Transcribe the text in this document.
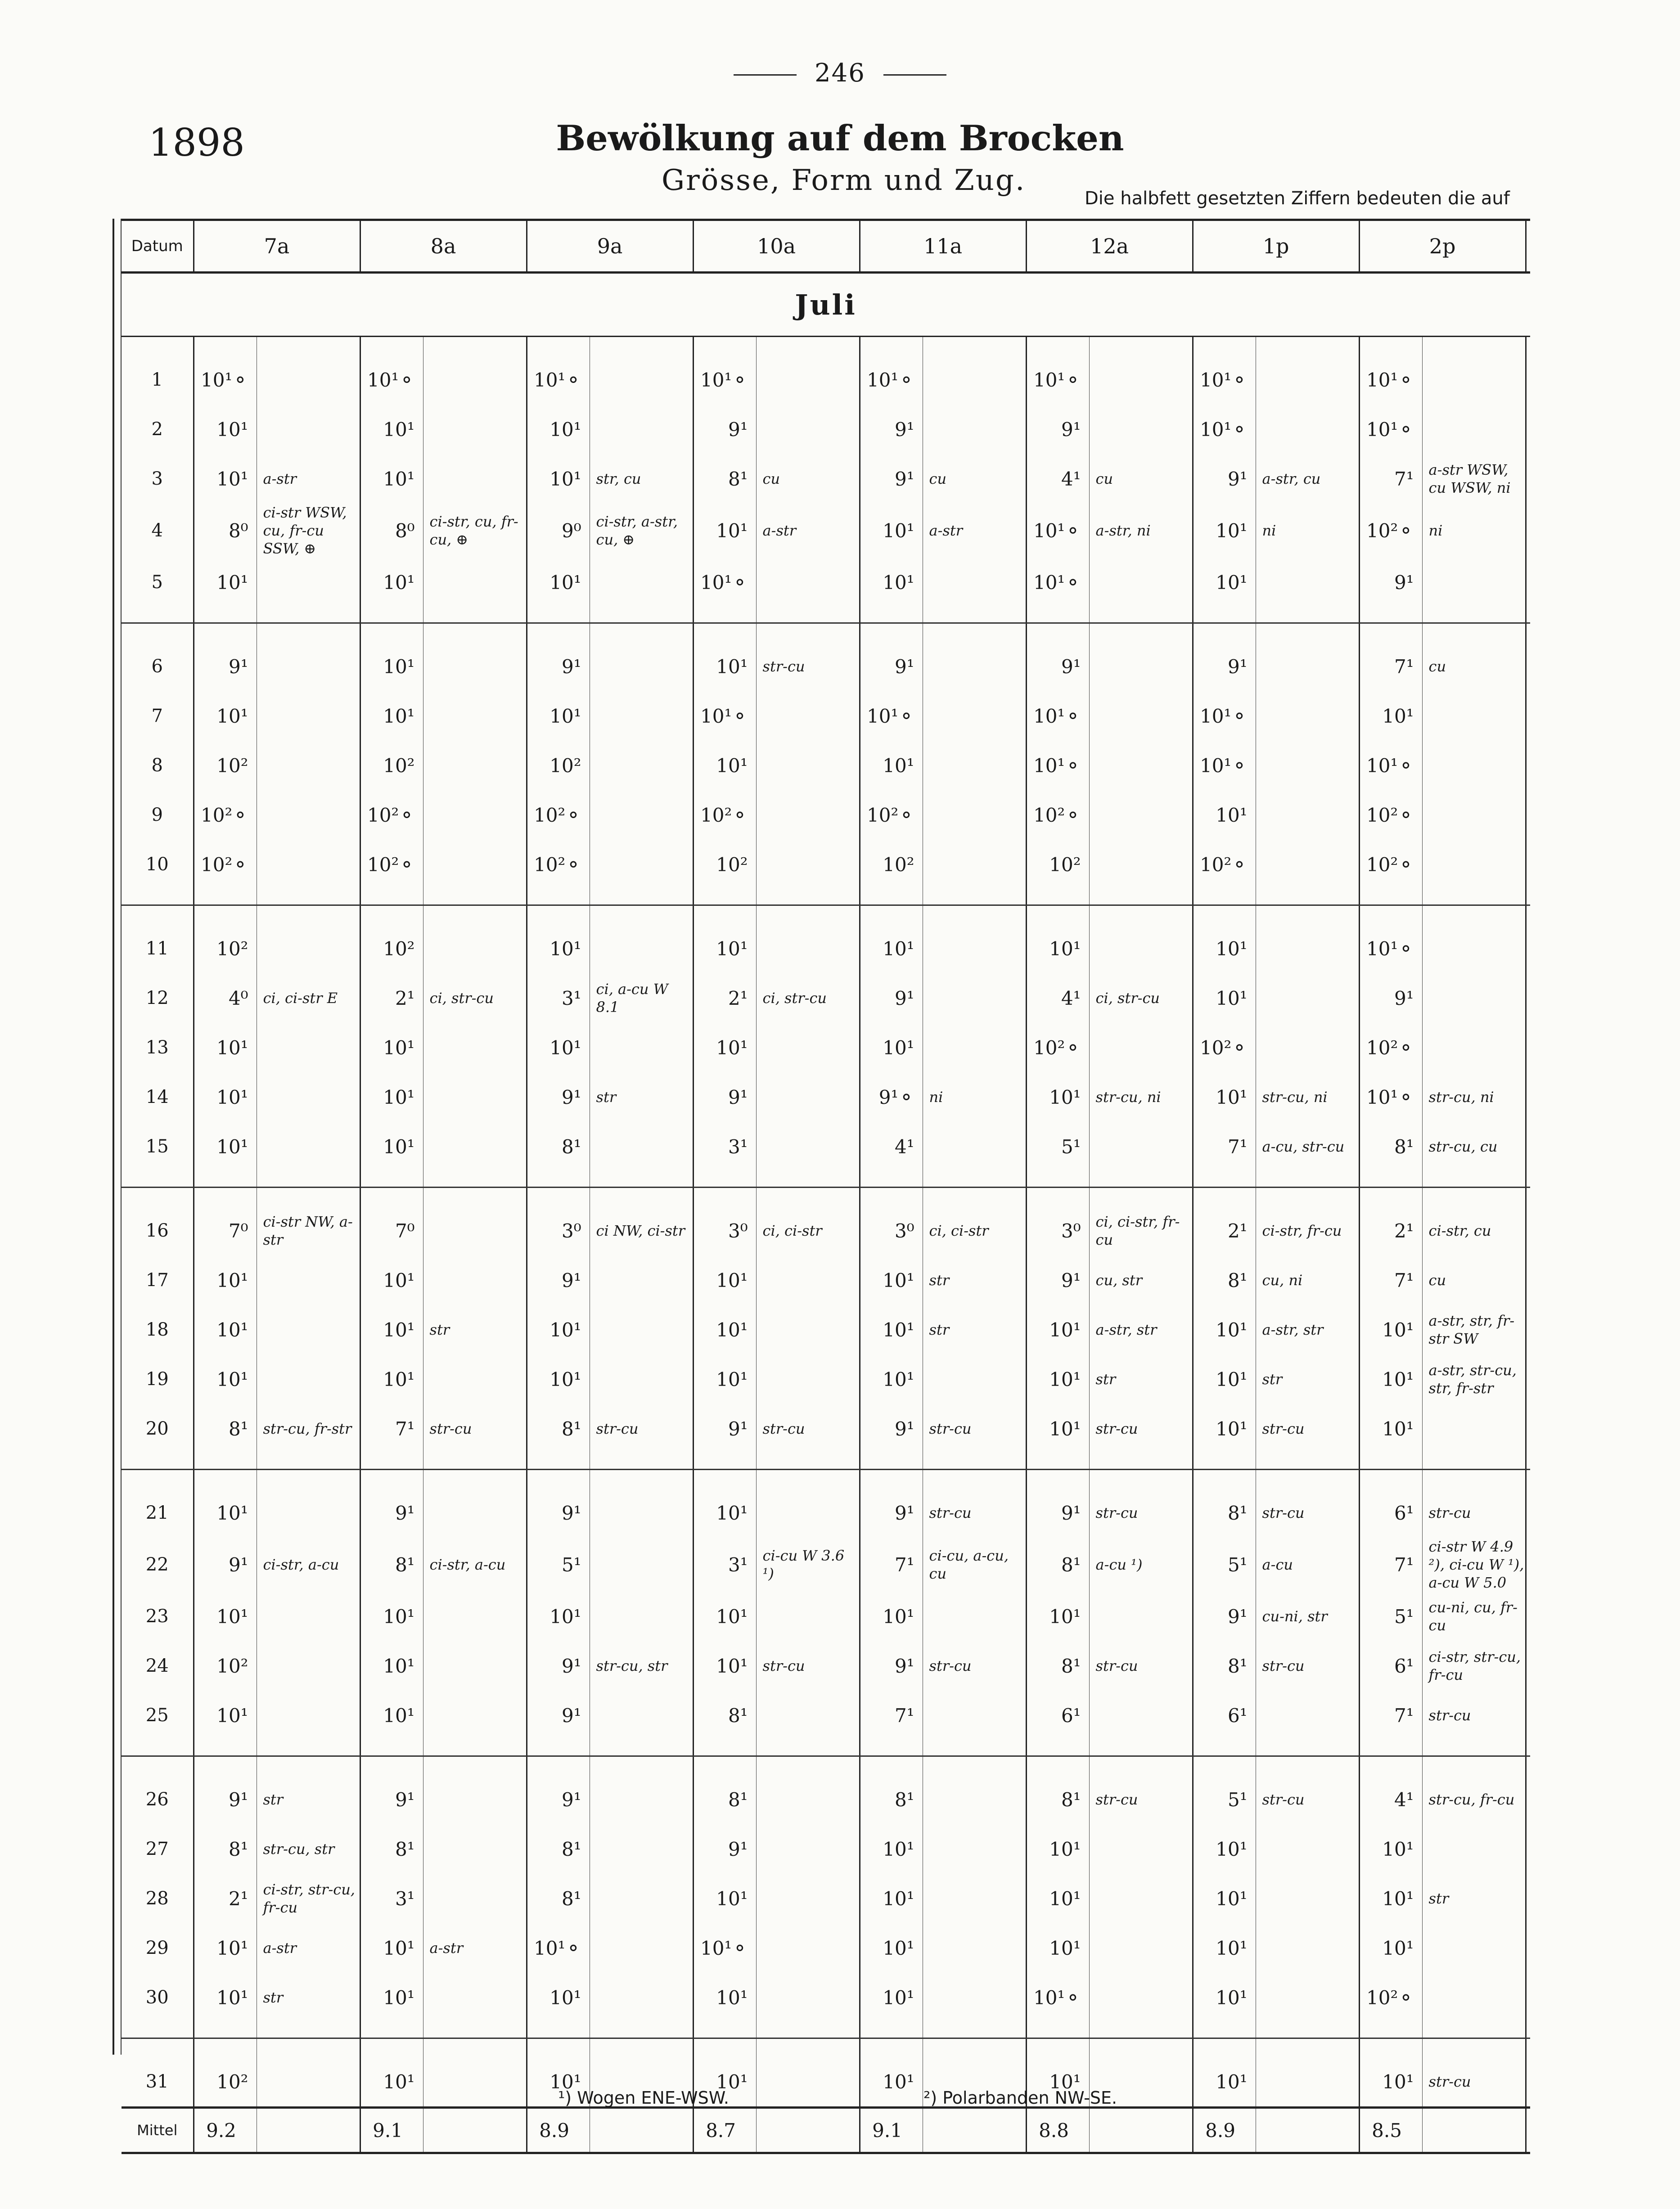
246
1898	Bewölkung auf dem Brocken
Grösse, Form und Zug.
Die halbfett gesetzten Ziffern bedeuten die auf
Datum	7a		8a		9a		10a		11a		12a		1p		2p		
Juli																	
1	10¹⚬		10¹⚬		10¹⚬		10¹⚬		10¹⚬		10¹⚬		10¹⚬		10¹⚬		
2	10¹		10¹		10¹		9¹		9¹		9¹		10¹⚬		10¹⚬		
3	10¹	a-str	10¹		10¹	str, cu	8¹	cu	9¹	cu	4¹	cu	9¹	a-str, cu	7¹	a-str WSW, cu WSW, ni	
4	8⁰	ci-str WSW, cu, fr-cu SSW, ⊕	8⁰	ci-str, cu, fr-cu, ⊕	9⁰	ci-str, a-str, cu, ⊕	10¹	a-str	10¹	a-str	10¹⚬	a-str, ni	10¹	ni	10²⚬	ni	
5	10¹		10¹		10¹		10¹⚬		10¹		10¹⚬		10¹		9¹		
6	9¹		10¹		9¹		10¹	str-cu	9¹		9¹		9¹		7¹	cu	
7	10¹		10¹		10¹		10¹⚬		10¹⚬		10¹⚬		10¹⚬		10¹		
8	10²		10²		10²		10¹		10¹		10¹⚬		10¹⚬		10¹⚬		
9	10²⚬		10²⚬		10²⚬		10²⚬		10²⚬		10²⚬		10¹		10²⚬		
10	10²⚬		10²⚬		10²⚬		10²		10²		10²		10²⚬		10²⚬		
11	10²		10²		10¹		10¹		10¹		10¹		10¹		10¹⚬		
12	4⁰	ci, ci-str E	2¹	ci, str-cu	3¹	ci, a-cu W 8.1	2¹	ci, str-cu	9¹		4¹	ci, str-cu	10¹		9¹		
13	10¹		10¹		10¹		10¹		10¹		10²⚬		10²⚬		10²⚬		
14	10¹		10¹		9¹	str	9¹		9¹⚬	ni	10¹	str-cu, ni	10¹	str-cu, ni	10¹⚬	str-cu, ni	
15	10¹		10¹		8¹		3¹		4¹		5¹		7¹	a-cu, str-cu	8¹	str-cu, cu	
16	7⁰	ci-str NW, a-str	7⁰		3⁰	ci NW, ci-str	3⁰	ci, ci-str	3⁰	ci, ci-str	3⁰	ci, ci-str, fr-cu	2¹	ci-str, fr-cu	2¹	ci-str, cu	
17	10¹		10¹		9¹		10¹		10¹	str	9¹	cu, str	8¹	cu, ni	7¹	cu	
18	10¹		10¹	str	10¹		10¹		10¹	str	10¹	a-str, str	10¹	a-str, str	10¹	a-str, str, fr-str SW	
19	10¹		10¹		10¹		10¹		10¹		10¹	str	10¹	str	10¹	a-str, str-cu, str, fr-str	
20	8¹	str-cu, fr-str	7¹	str-cu	8¹	str-cu	9¹	str-cu	9¹	str-cu	10¹	str-cu	10¹	str-cu	10¹		
21	10¹		9¹		9¹		10¹		9¹	str-cu	9¹	str-cu	8¹	str-cu	6¹	str-cu	
22	9¹	ci-str, a-cu	8¹	ci-str, a-cu	5¹		3¹	ci-cu W 3.6 ¹)	7¹	ci-cu, a-cu, cu	8¹	a-cu ¹)	5¹	a-cu	7¹	ci-str W 4.9 ²), ci-cu W ¹), a-cu W 5.0	
23	10¹		10¹		10¹		10¹		10¹		10¹		9¹	cu-ni, str	5¹	cu-ni, cu, fr-cu	
24	10²		10¹		9¹	str-cu, str	10¹	str-cu	9¹	str-cu	8¹	str-cu	8¹	str-cu	6¹	ci-str, str-cu, fr-cu	
25	10¹		10¹		9¹		8¹		7¹		6¹		6¹		7¹	str-cu	
26	9¹	str	9¹		9¹		8¹		8¹		8¹	str-cu	5¹	str-cu	4¹	str-cu, fr-cu	
27	8¹	str-cu, str	8¹		8¹		9¹		10¹		10¹		10¹		10¹		
28	2¹	ci-str, str-cu, fr-cu	3¹		8¹		10¹		10¹		10¹		10¹		10¹	str	
29	10¹	a-str	10¹	a-str	10¹⚬		10¹⚬		10¹		10¹		10¹		10¹		
30	10¹	str	10¹		10¹		10¹		10¹		10¹⚬		10¹		10²⚬		
31	10²		10¹		10¹		10¹		10¹		10¹		10¹		10¹	str-cu	
Mittel	9.2		9.1		8.9		8.7		9.1		8.8		8.9		8.5		
¹) Wogen ENE-WSW.	²) Polarbanden NW-SE.
